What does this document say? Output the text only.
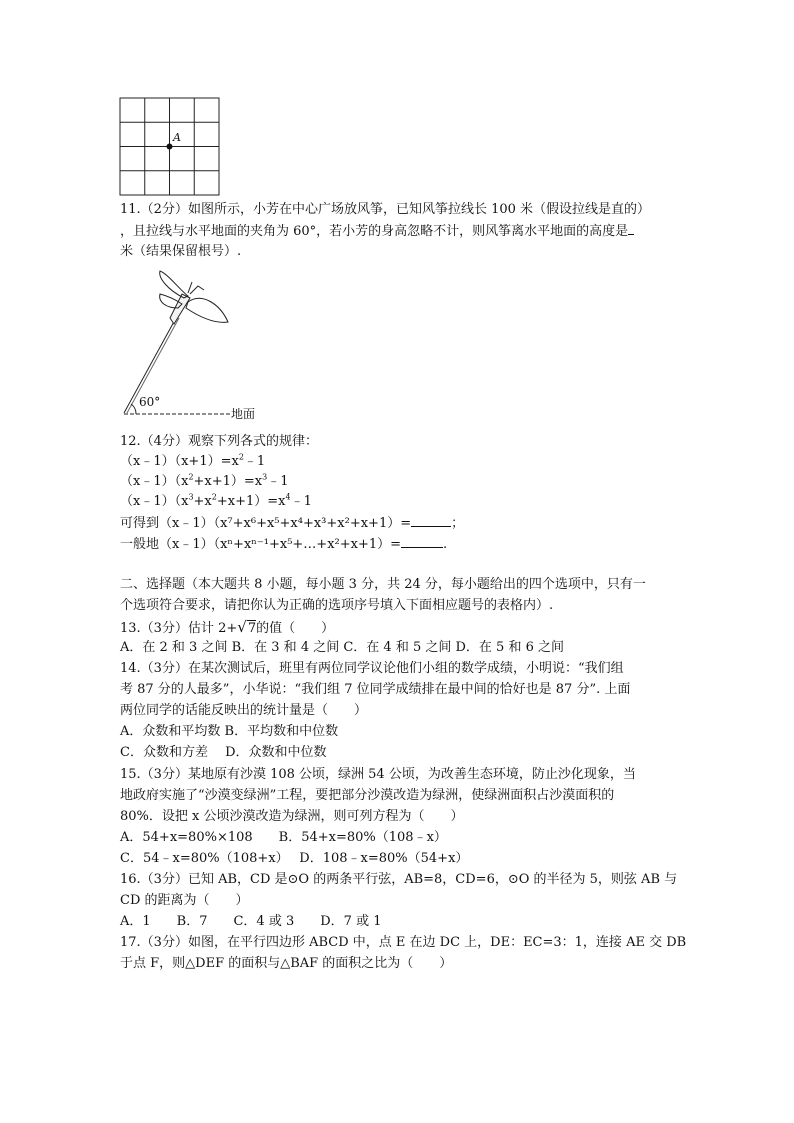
A
11.（2分）如图所示，小芳在中心广场放风筝，已知风筝拉线长 100 米（假设拉线是直的）
，且拉线与水平地面的夹角为 60°，若小芳的身高忽略不计，则风筝离水平地面的高度是
米（结果保留根号）.
60°
地面
12.（4分）观察下列各式的规律：
$(x﹣1)(x+1)=x^2﹣1$
$(x﹣1)(x^2+x+1)=x^3﹣1$
$(x﹣1)(x^3+x^2+x+1)=x^4﹣1$
可得到（x﹣1）（x⁷+x⁶+x⁵+x⁴+x³+x²+x+1）=	；
一般地（x﹣1）（xⁿ+xⁿ⁻¹+x⁵+…+x²+x+1）=	.
二、选择题（本大题共 8 小题，每小题 3 分，共 24 分，每小题给出的四个选项中，只有一
个选项符合要求，请把你认为正确的选项序号填入下面相应题号的表格内）.
13.（3分）估计 2+√7的值（　　）
A．在 2 和 3 之间 B．在 3 和 4 之间 C．在 4 和 5 之间 D．在 5 和 6 之间
14.（3分）在某次测试后，班里有两位同学议论他们小组的数学成绩，小明说：“我们组
考 87 分的人最多”，小华说：“我们组 7 位同学成绩排在最中间的恰好也是 87 分”. 上面
两位同学的话能反映出的统计量是（　　）
A．众数和平均数 B．平均数和中位数
C．众数和方差　 D．众数和中位数
15.（3分）某地原有沙漠 108 公顷，绿洲 54 公顷，为改善生态环境，防止沙化现象，当
地政府实施了“沙漠变绿洲”工程，要把部分沙漠改造为绿洲，使绿洲面积占沙漠面积的
80%．设把 x 公顷沙漠改造为绿洲，则可列方程为（　　）
A．54+x=80%×108　　B．54+x=80%（108﹣x）
C．54﹣x=80%（108+x）　 D．108﹣x=80%（54+x）
16.（3分）已知 AB，CD 是⊙O 的两条平行弦，AB=8，CD=6，⊙O 的半径为 5，则弦 AB 与
CD 的距离为（　　）
A．1　　B．7　　C．4 或 3　　D．7 或 1
17.（3分）如图，在平行四边形 ABCD 中，点 E 在边 DC 上，DE：EC=3：1，连接 AE 交 DB
于点 F，则△DEF 的面积与△BAF 的面积之比为（　　）
